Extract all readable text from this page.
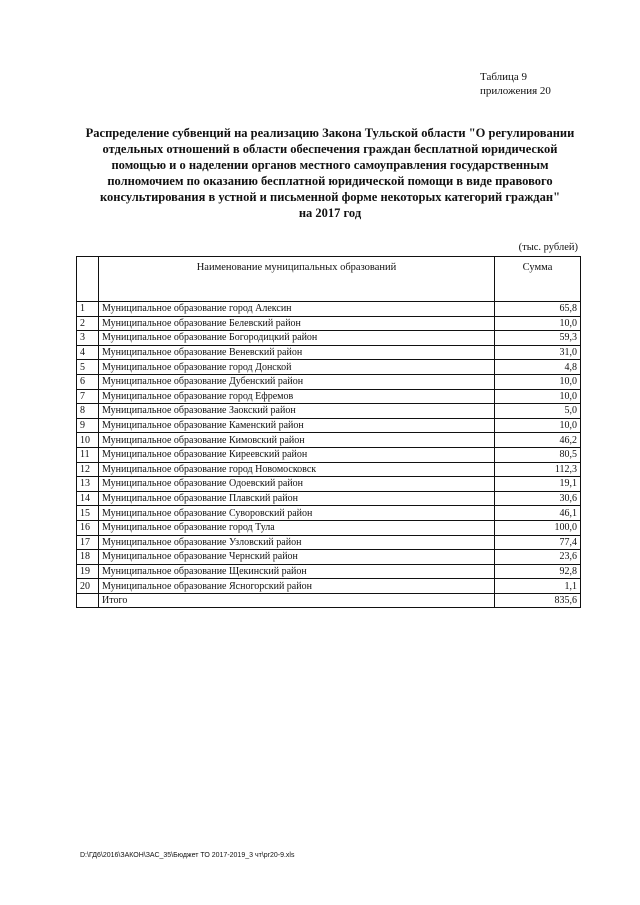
Таблица 9
приложения 20
Распределение субвенций на реализацию Закона Тульской области "О регулировании
отдельных отношений в области обеспечения граждан бесплатной юридической
помощью и о наделении органов местного самоуправления государственным
полномочием по оказанию бесплатной юридической помощи в виде правового
консультирования в устной и письменной форме некоторых категорий граждан"
на 2017 год
(тыс. рублей)
	Наименование муниципальных образований	Сумма
1	Муниципальное образование город Алексин	65,8
2	Муниципальное образование Белевский район	10,0
3	Муниципальное образование Богородицкий район	59,3
4	Муниципальное образование Веневский район	31,0
5	Муниципальное образование город Донской	4,8
6	Муниципальное образование Дубенский район	10,0
7	Муниципальное образование город Ефремов	10,0
8	Муниципальное образование Заокский район	5,0
9	Муниципальное образование Каменский район	10,0
10	Муниципальное образование Кимовский район	46,2
11	Муниципальное образование Киреевский район	80,5
12	Муниципальное образование город Новомосковск	112,3
13	Муниципальное образование Одоевский район	19,1
14	Муниципальное образование Плавский район	30,6
15	Муниципальное образование Суворовский район	46,1
16	Муниципальное образование город Тула	100,0
17	Муниципальное образование Узловский район	77,4
18	Муниципальное образование Чернский район	23,6
19	Муниципальное образование Щекинский район	92,8
20	Муниципальное образование Ясногорский район	1,1
	Итого	835,6
D:\ГД6\2016\ЗАКОН\ЗАС_35\Бюджет ТО 2017-2019_3 чт\pr20-9.xls
